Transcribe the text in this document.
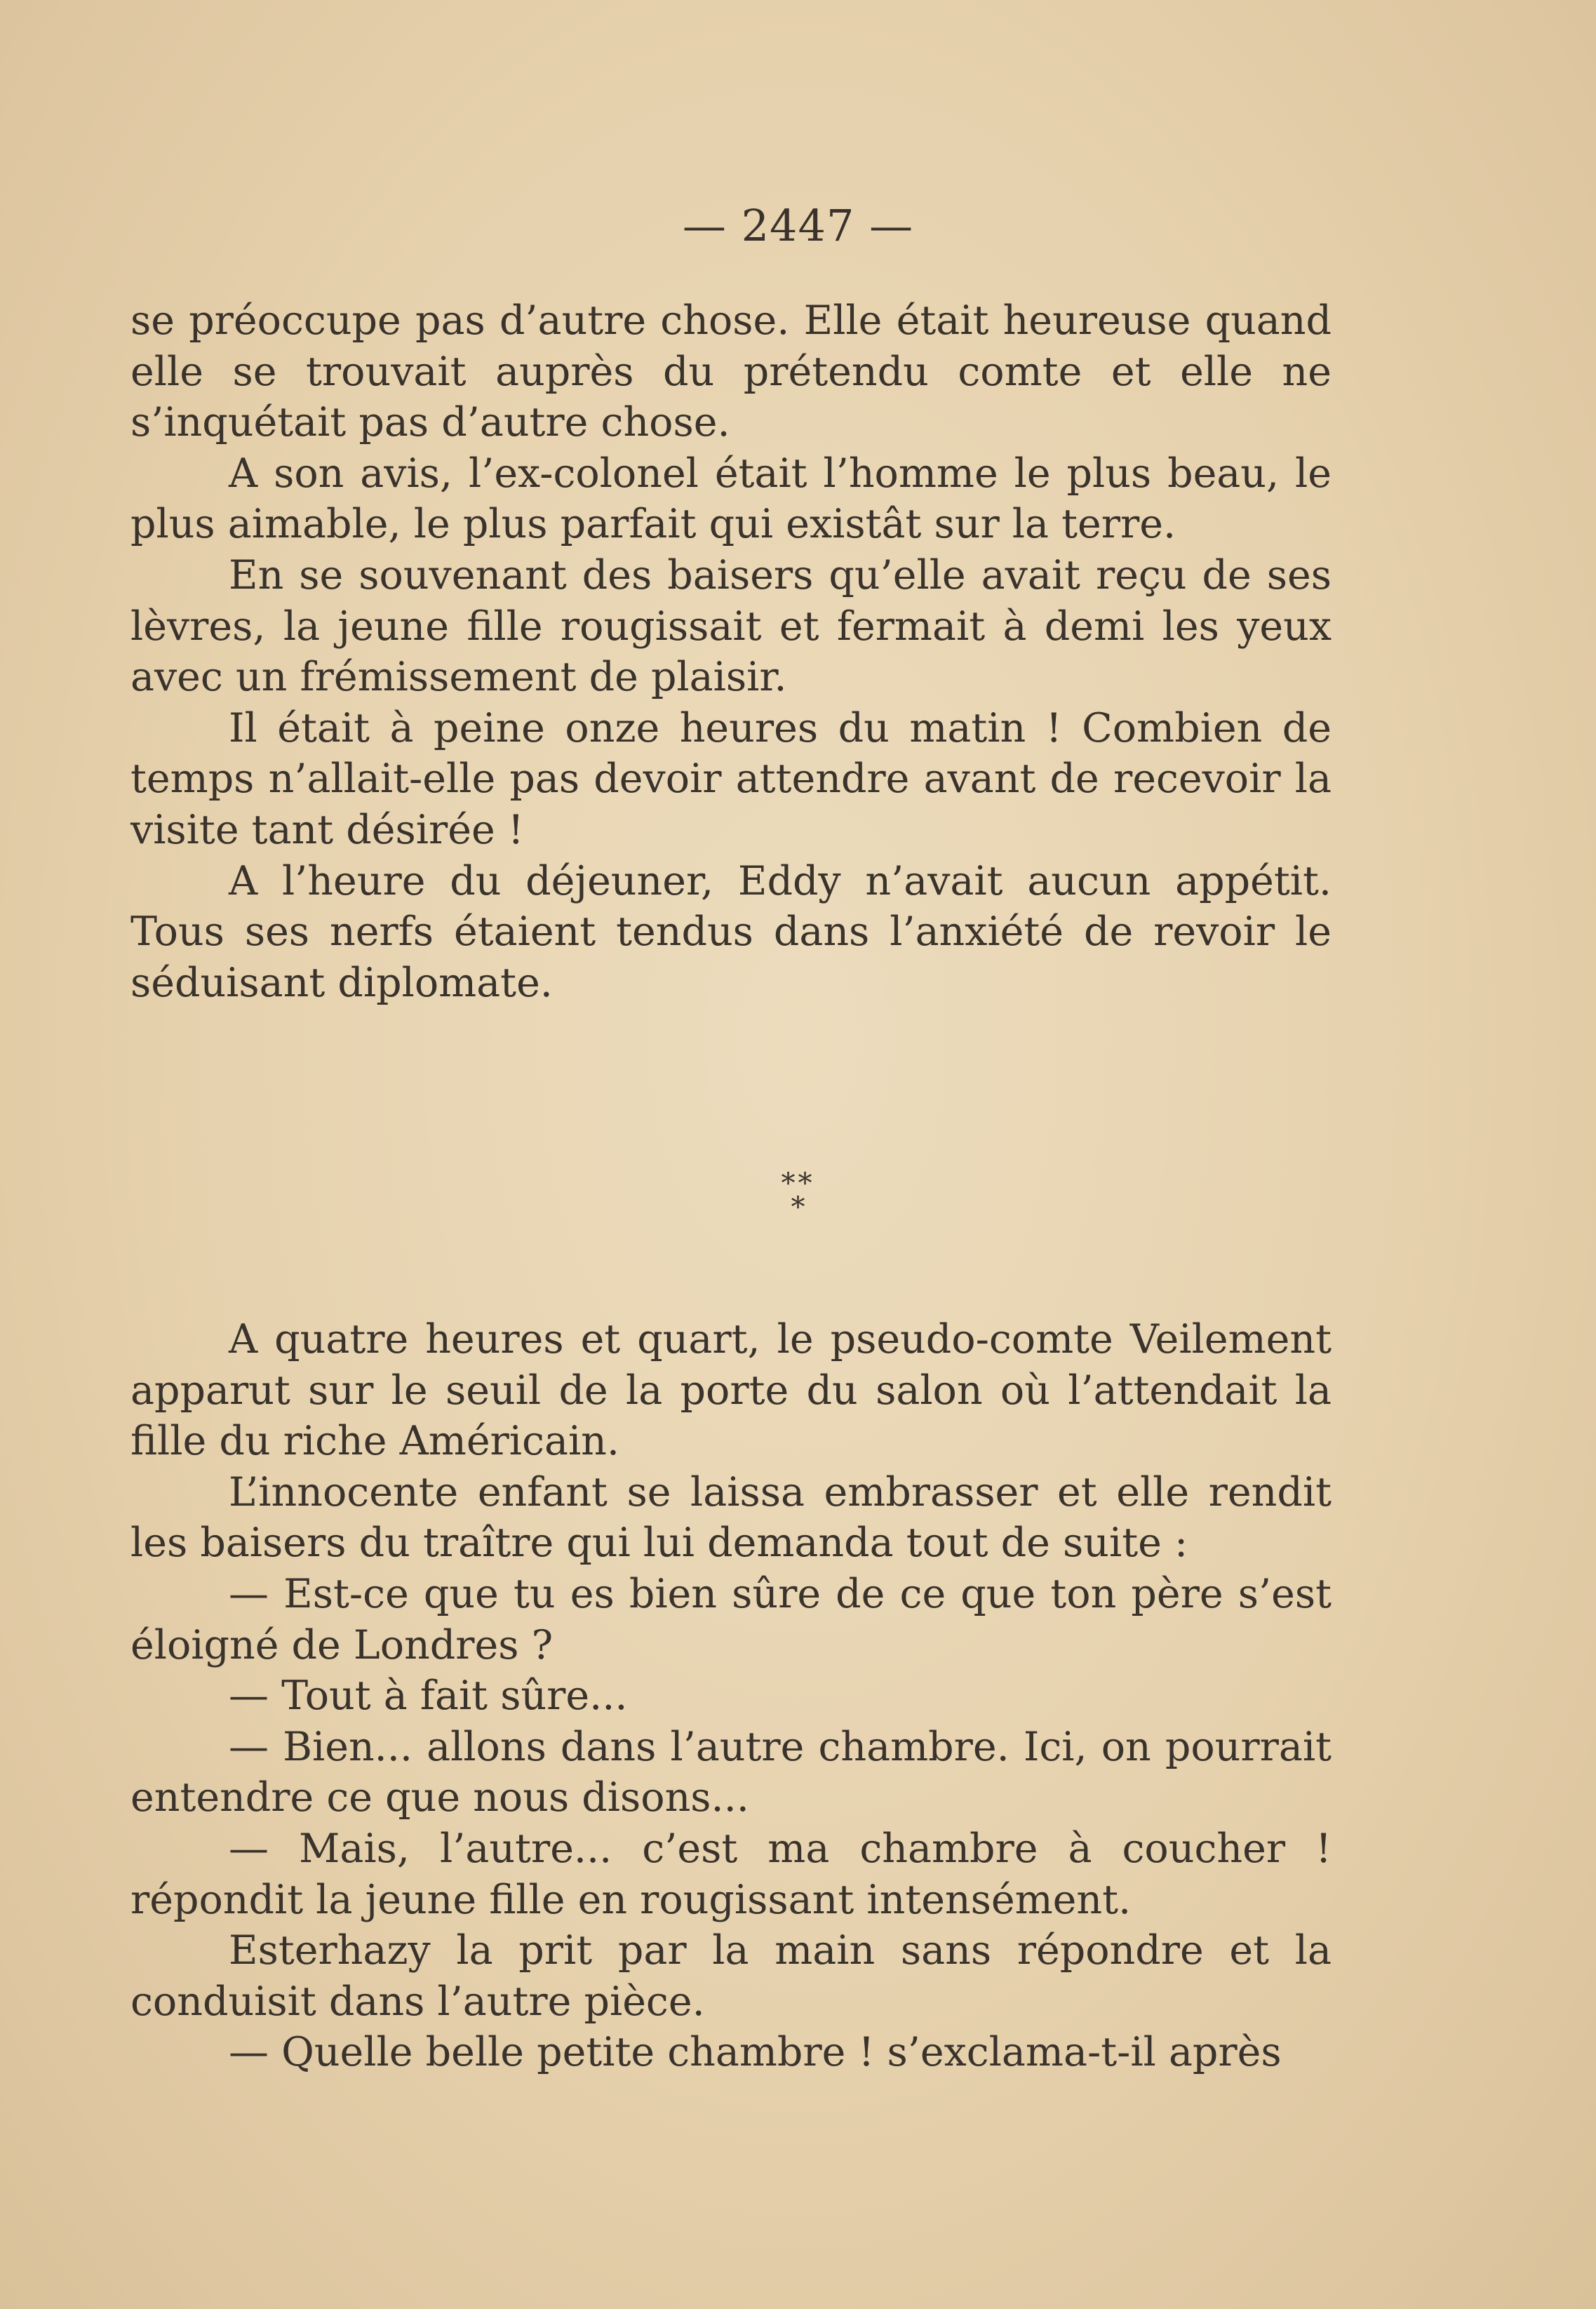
— 2447 —

se préoccupe pas d’autre chose. Elle était heureuse quand elle se trouvait auprès du prétendu comte et elle ne s’inquétait pas d’autre chose.

A son avis, l’ex-colonel était l’homme le plus beau, le plus aimable, le plus parfait qui existât sur la terre.

En se souvenant des baisers qu’elle avait reçu de ses lèvres, la jeune fille rougissait et fermait à demi les yeux avec un frémissement de plaisir.

Il était à peine onze heures du matin ! Combien de temps n’allait-elle pas devoir attendre avant de recevoir la visite tant désirée !

A l’heure du déjeuner, Eddy n’avait aucun appétit. Tous ses nerfs étaient tendus dans l’anxiété de revoir le séduisant diplomate.

**
*

A quatre heures et quart, le pseudo-comte Veilement apparut sur le seuil de la porte du salon où l’attendait la fille du riche Américain.

L’innocente enfant se laissa embrasser et elle rendit les baisers du traître qui lui demanda tout de suite :

— Est-ce que tu es bien sûre de ce que ton père s’est éloigné de Londres ?

— Tout à fait sûre...

— Bien... allons dans l’autre chambre. Ici, on pourrait entendre ce que nous disons...

— Mais, l’autre... c’est ma chambre à coucher ! répondit la jeune fille en rougissant intensément.

Esterhazy la prit par la main sans répondre et la conduisit dans l’autre pièce.

— Quelle belle petite chambre ! s’exclama-t-il après
